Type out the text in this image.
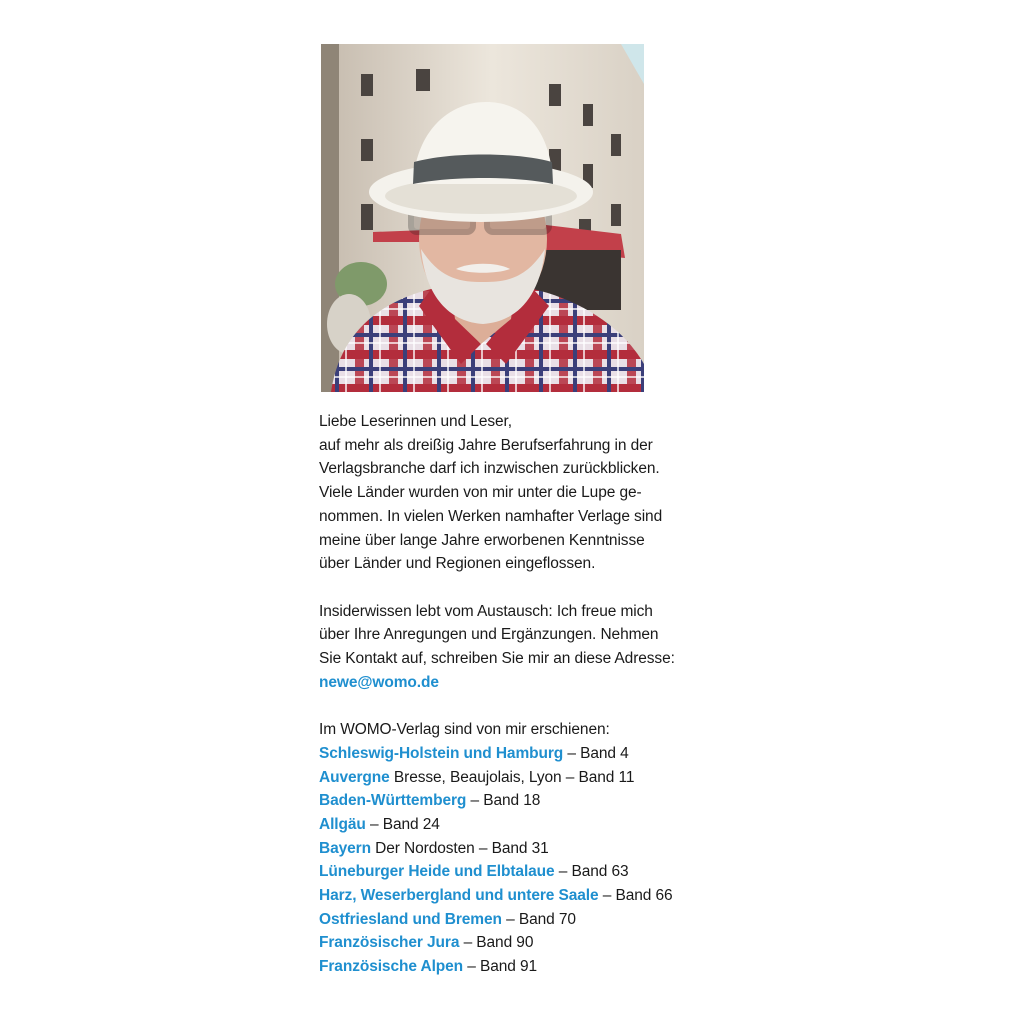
Liebe Leserinnen und Leser,
auf mehr als dreißig Jahre Berufserfahrung in der
Verlagsbranche darf ich inzwischen zurückblicken.
Viele Länder wurden von mir unter die Lupe ge-
nommen. In vielen Werken namhafter Verlage sind
meine über lange Jahre erworbenen Kenntnisse
über Länder und Regionen eingeflossen.
Insiderwissen lebt vom Austausch: Ich freue mich
über Ihre Anregungen und Ergänzungen. Nehmen
Sie Kontakt auf, schreiben Sie mir an diese Adresse:
newe@womo.de
Im WOMO-Verlag sind von mir erschienen:
Schleswig-Holstein und Hamburg – Band 4
Auvergne Bresse, Beaujolais, Lyon – Band 11
Baden-Württemberg – Band 18
Allgäu – Band 24
Bayern Der Nordosten – Band 31
Lüneburger Heide und Elbtalaue – Band 63
Harz, Weserbergland und untere Saale – Band 66
Ostfriesland und Bremen – Band 70
Französischer Jura – Band 90
Französische Alpen – Band 91
